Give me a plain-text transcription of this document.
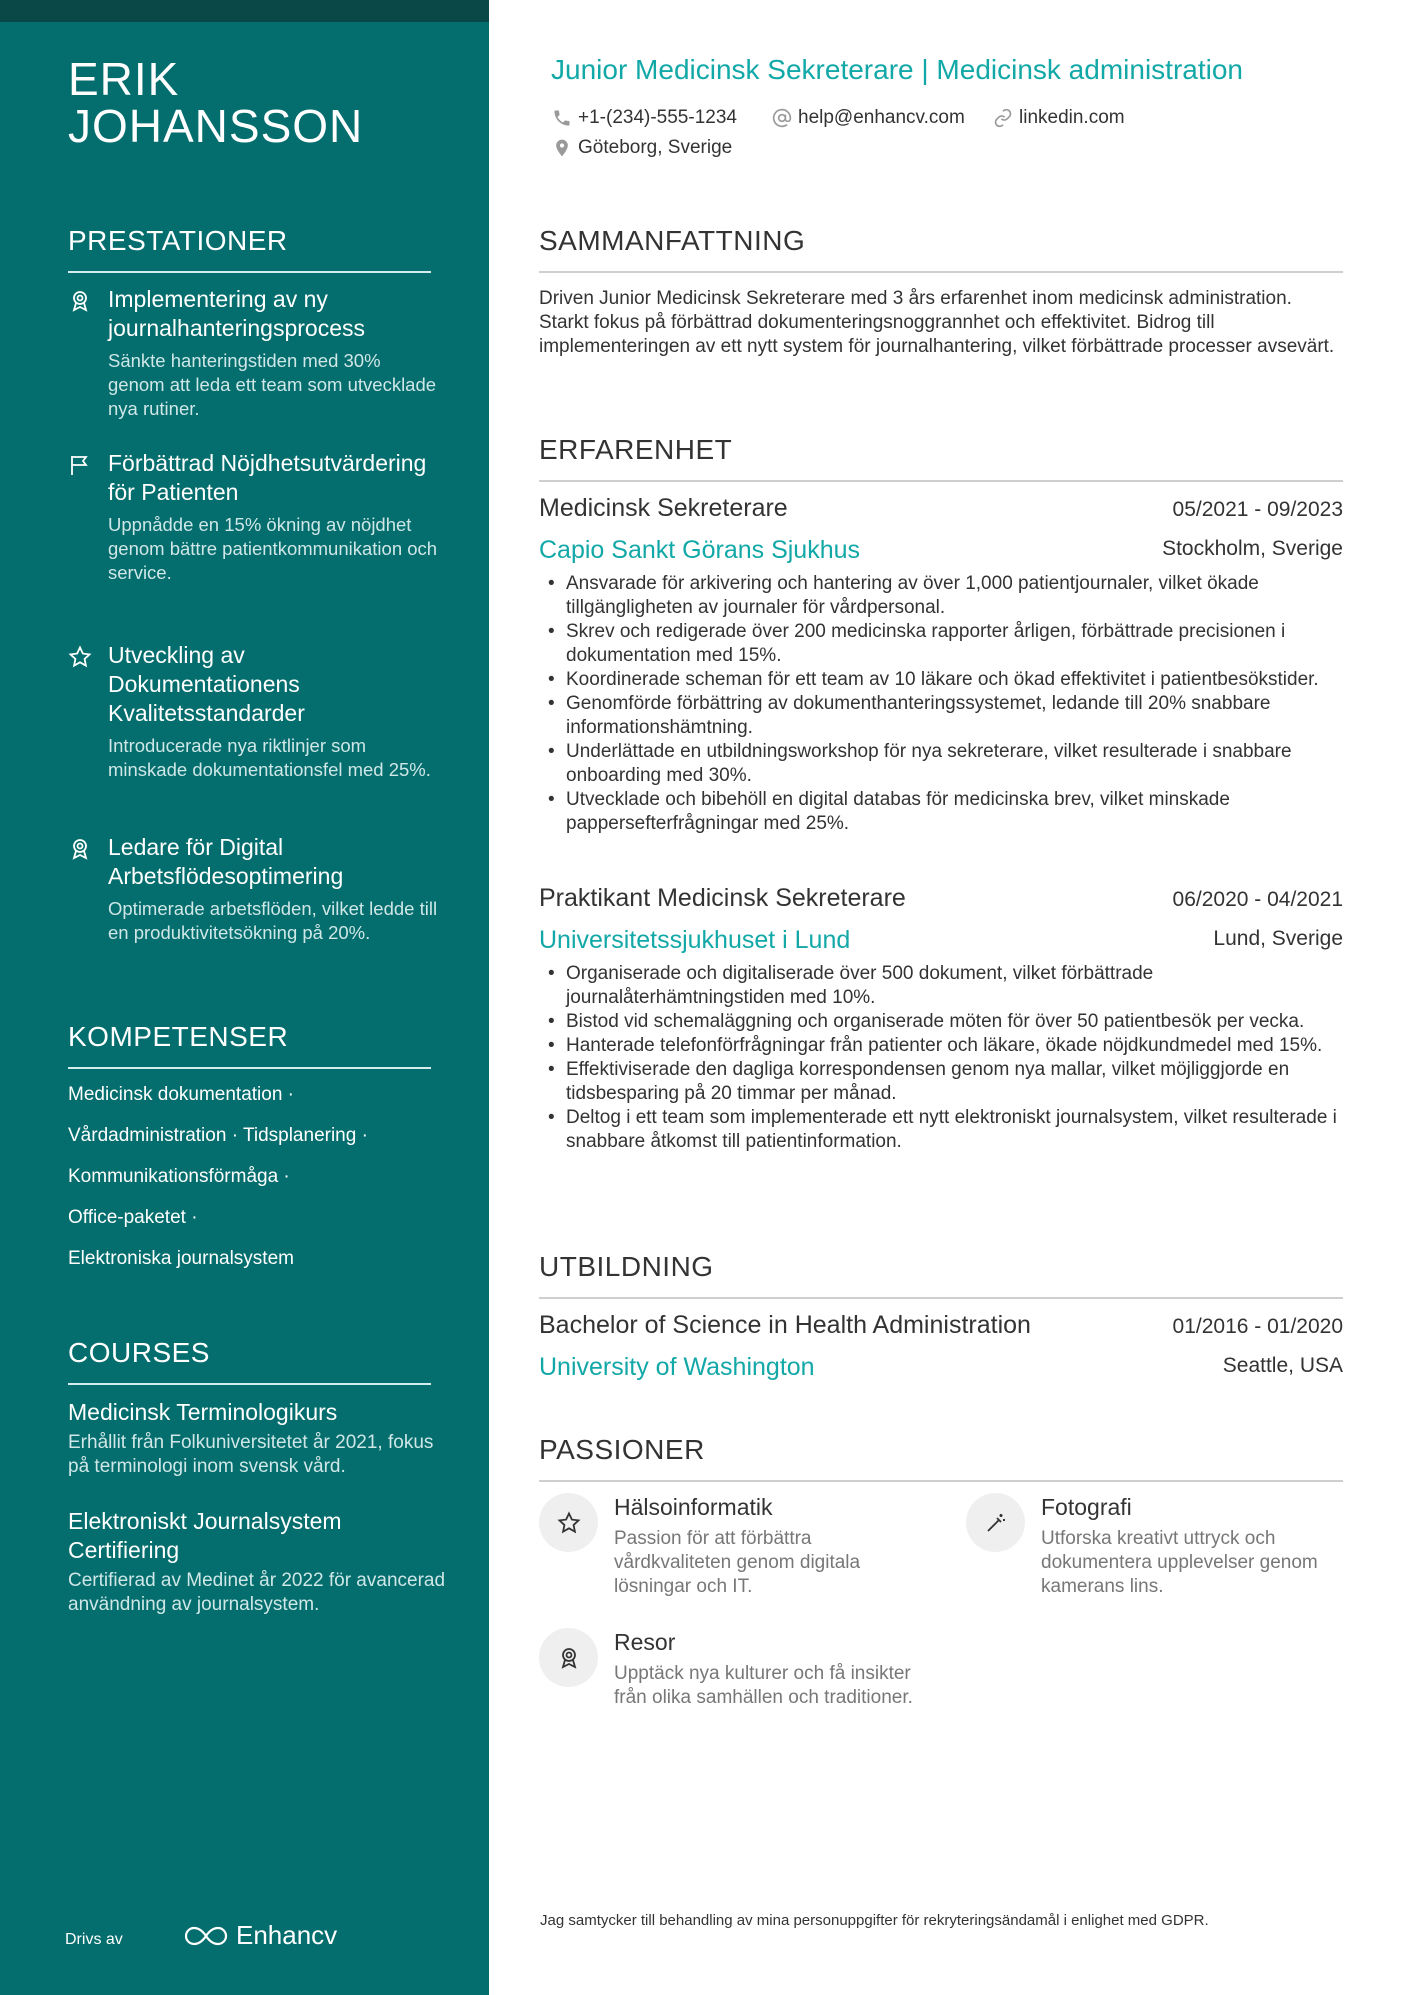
ERIK
JOHANSSON
PRESTATIONER
Implementering av ny journalhanteringsprocess
Sänkte hanteringstiden med 30% genom att leda ett team som utvecklade nya rutiner.
Förbättrad Nöjdhetsutvärdering för Patienten
Uppnådde en 15% ökning av nöjdhet genom bättre patientkommunikation och service.
Utveckling av Dokumentationens Kvalitetsstandarder
Introducerade nya riktlinjer som minskade dokumentationsfel med 25%.
Ledare för Digital Arbetsflödesoptimering
Optimerade arbetsflöden, vilket ledde till en produktivitetsökning på 20%.
KOMPETENSER
Medicinsk dokumentation ·
Vårdadministration · Tidsplanering ·
Kommunikationsförmåga ·
Office-paketet ·
Elektroniska journalsystem
COURSES
Medicinsk Terminologikurs
Erhållit från Folkuniversitetet år 2021, fokus på terminologi inom svensk vård.
Elektroniskt Journalsystem Certifiering
Certifierad av Medinet år 2022 för avancerad användning av journalsystem.
Drivs av	Enhancv
Junior Medicinsk Sekreterare | Medicinsk administration
+1-(234)-555-1234	help@enhancv.com	linkedin.com
Göteborg, Sverige
SAMMANFATTNING
Driven Junior Medicinsk Sekreterare med 3 års erfarenhet inom medicinsk administration. Starkt fokus på förbättrad dokumenteringsnoggrannhet och effektivitet. Bidrog till implementeringen av ett nytt system för journalhantering, vilket förbättrade processer avsevärt.
ERFARENHET
Medicinsk Sekreterare	05/2021 - 09/2023
Capio Sankt Görans Sjukhus	Stockholm, Sverige
• Ansvarade för arkivering och hantering av över 1,000 patientjournaler, vilket ökade tillgängligheten av journaler för vårdpersonal.
• Skrev och redigerade över 200 medicinska rapporter årligen, förbättrade precisionen i dokumentation med 15%.
• Koordinerade scheman för ett team av 10 läkare och ökad effektivitet i patientbesökstider.
• Genomförde förbättring av dokumenthanteringssystemet, ledande till 20% snabbare informationshämtning.
• Underlättade en utbildningsworkshop för nya sekreterare, vilket resulterade i snabbare onboarding med 30%.
• Utvecklade och bibehöll en digital databas för medicinska brev, vilket minskade pappersefterfrågningar med 25%.
Praktikant Medicinsk Sekreterare	06/2020 - 04/2021
Universitetssjukhuset i Lund	Lund, Sverige
• Organiserade och digitaliserade över 500 dokument, vilket förbättrade journalåterhämtningstiden med 10%.
• Bistod vid schemaläggning och organiserade möten för över 50 patientbesök per vecka.
• Hanterade telefonförfrågningar från patienter och läkare, ökade nöjdkundmedel med 15%.
• Effektiviserade den dagliga korrespondensen genom nya mallar, vilket möjliggjorde en tidsbesparing på 20 timmar per månad.
• Deltog i ett team som implementerade ett nytt elektroniskt journalsystem, vilket resulterade i snabbare åtkomst till patientinformation.
UTBILDNING
Bachelor of Science in Health Administration	01/2016 - 01/2020
University of Washington	Seattle, USA
PASSIONER
Hälsoinformatik
Passion för att förbättra vårdkvaliteten genom digitala lösningar och IT.
Fotografi
Utforska kreativt uttryck och dokumentera upplevelser genom kamerans lins.
Resor
Upptäck nya kulturer och få insikter från olika samhällen och traditioner.
Jag samtycker till behandling av mina personuppgifter för rekryteringsändamål i enlighet med GDPR.
